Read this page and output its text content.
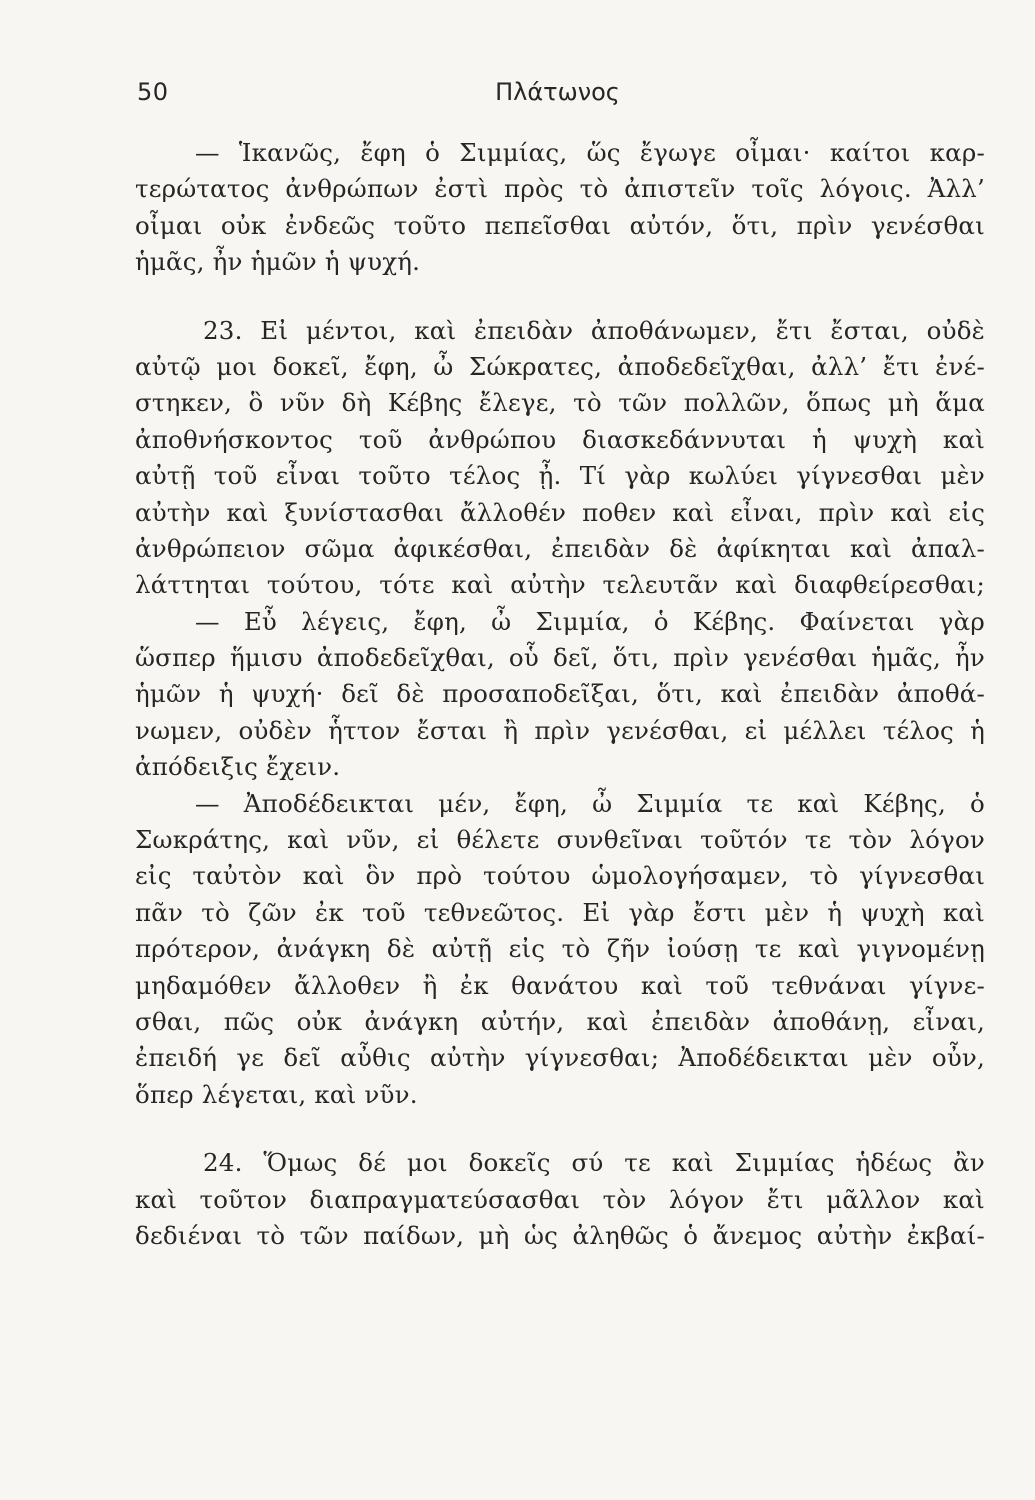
50	Πλάτωνος
— Ἱκανῶς, ἔφη ὁ Σιμμίας, ὥς ἔγωγε οἶμαι· καίτοι καρ-
τερώτατος ἀνθρώπων ἐστὶ πρὸς τὸ ἀπιστεῖν τοῖς λόγοις. Ἀλλ’
οἶμαι οὐκ ἐνδεῶς τοῦτο πεπεῖσθαι αὐτόν, ὅτι, πρὶν γενέσθαι
ἡμᾶς, ἦν ἡμῶν ἡ ψυχή.
23. Εἰ μέντοι, καὶ ἐπειδὰν ἀποθάνωμεν, ἔτι ἔσται, οὐδὲ
αὐτῷ μοι δοκεῖ, ἔφη, ὦ Σώκρατες, ἀποδεδεῖχθαι, ἀλλ’ ἔτι ἐνέ-
στηκεν, ὃ νῦν δὴ Κέβης ἔλεγε, τὸ τῶν πολλῶν, ὅπως μὴ ἅμα
ἀποθνήσκοντος τοῦ ἀνθρώπου διασκεδάννυται ἡ ψυχὴ καὶ
αὐτῇ τοῦ εἶναι τοῦτο τέλος ᾖ. Τί γὰρ κωλύει γίγνεσθαι μὲν
αὐτὴν καὶ ξυνίστασθαι ἄλλοθέν ποθεν καὶ εἶναι, πρὶν καὶ εἰς
ἀνθρώπειον σῶμα ἀφικέσθαι, ἐπειδὰν δὲ ἀφίκηται καὶ ἀπαλ-
λάττηται τούτου, τότε καὶ αὐτὴν τελευτᾶν καὶ διαφθείρεσθαι;
— Εὖ λέγεις, ἔφη, ὦ Σιμμία, ὁ Κέβης. Φαίνεται γὰρ
ὥσπερ ἥμισυ ἀποδεδεῖχθαι, οὗ δεῖ, ὅτι, πρὶν γενέσθαι ἡμᾶς, ἦν
ἡμῶν ἡ ψυχή· δεῖ δὲ προσαποδεῖξαι, ὅτι, καὶ ἐπειδὰν ἀποθά-
νωμεν, οὐδὲν ἧττον ἔσται ἢ πρὶν γενέσθαι, εἰ μέλλει τέλος ἡ
ἀπόδειξις ἔχειν.
— Ἀποδέδεικται μέν, ἔφη, ὦ Σιμμία τε καὶ Κέβης, ὁ
Σωκράτης, καὶ νῦν, εἰ θέλετε συνθεῖναι τοῦτόν τε τὸν λόγον
εἰς ταὐτὸν καὶ ὃν πρὸ τούτου ὡμολογήσαμεν, τὸ γίγνεσθαι
πᾶν τὸ ζῶν ἐκ τοῦ τεθνεῶτος. Εἰ γὰρ ἔστι μὲν ἡ ψυχὴ καὶ
πρότερον, ἀνάγκη δὲ αὐτῇ εἰς τὸ ζῆν ἰούσῃ τε καὶ γιγνομένῃ
μηδαμόθεν ἄλλοθεν ἢ ἐκ θανάτου καὶ τοῦ τεθνάναι γίγνε-
σθαι, πῶς οὐκ ἀνάγκη αὐτήν, καὶ ἐπειδὰν ἀποθάνῃ, εἶναι,
ἐπειδή γε δεῖ αὖθις αὐτὴν γίγνεσθαι; Ἀποδέδεικται μὲν οὖν,
ὅπερ λέγεται, καὶ νῦν.
24. Ὅμως δέ μοι δοκεῖς σύ τε καὶ Σιμμίας ἡδέως ἂν
καὶ τοῦτον διαπραγματεύσασθαι τὸν λόγον ἔτι μᾶλλον καὶ
δεδιέναι τὸ τῶν παίδων, μὴ ὡς ἀληθῶς ὁ ἄνεμος αὐτὴν ἐκβαί-
